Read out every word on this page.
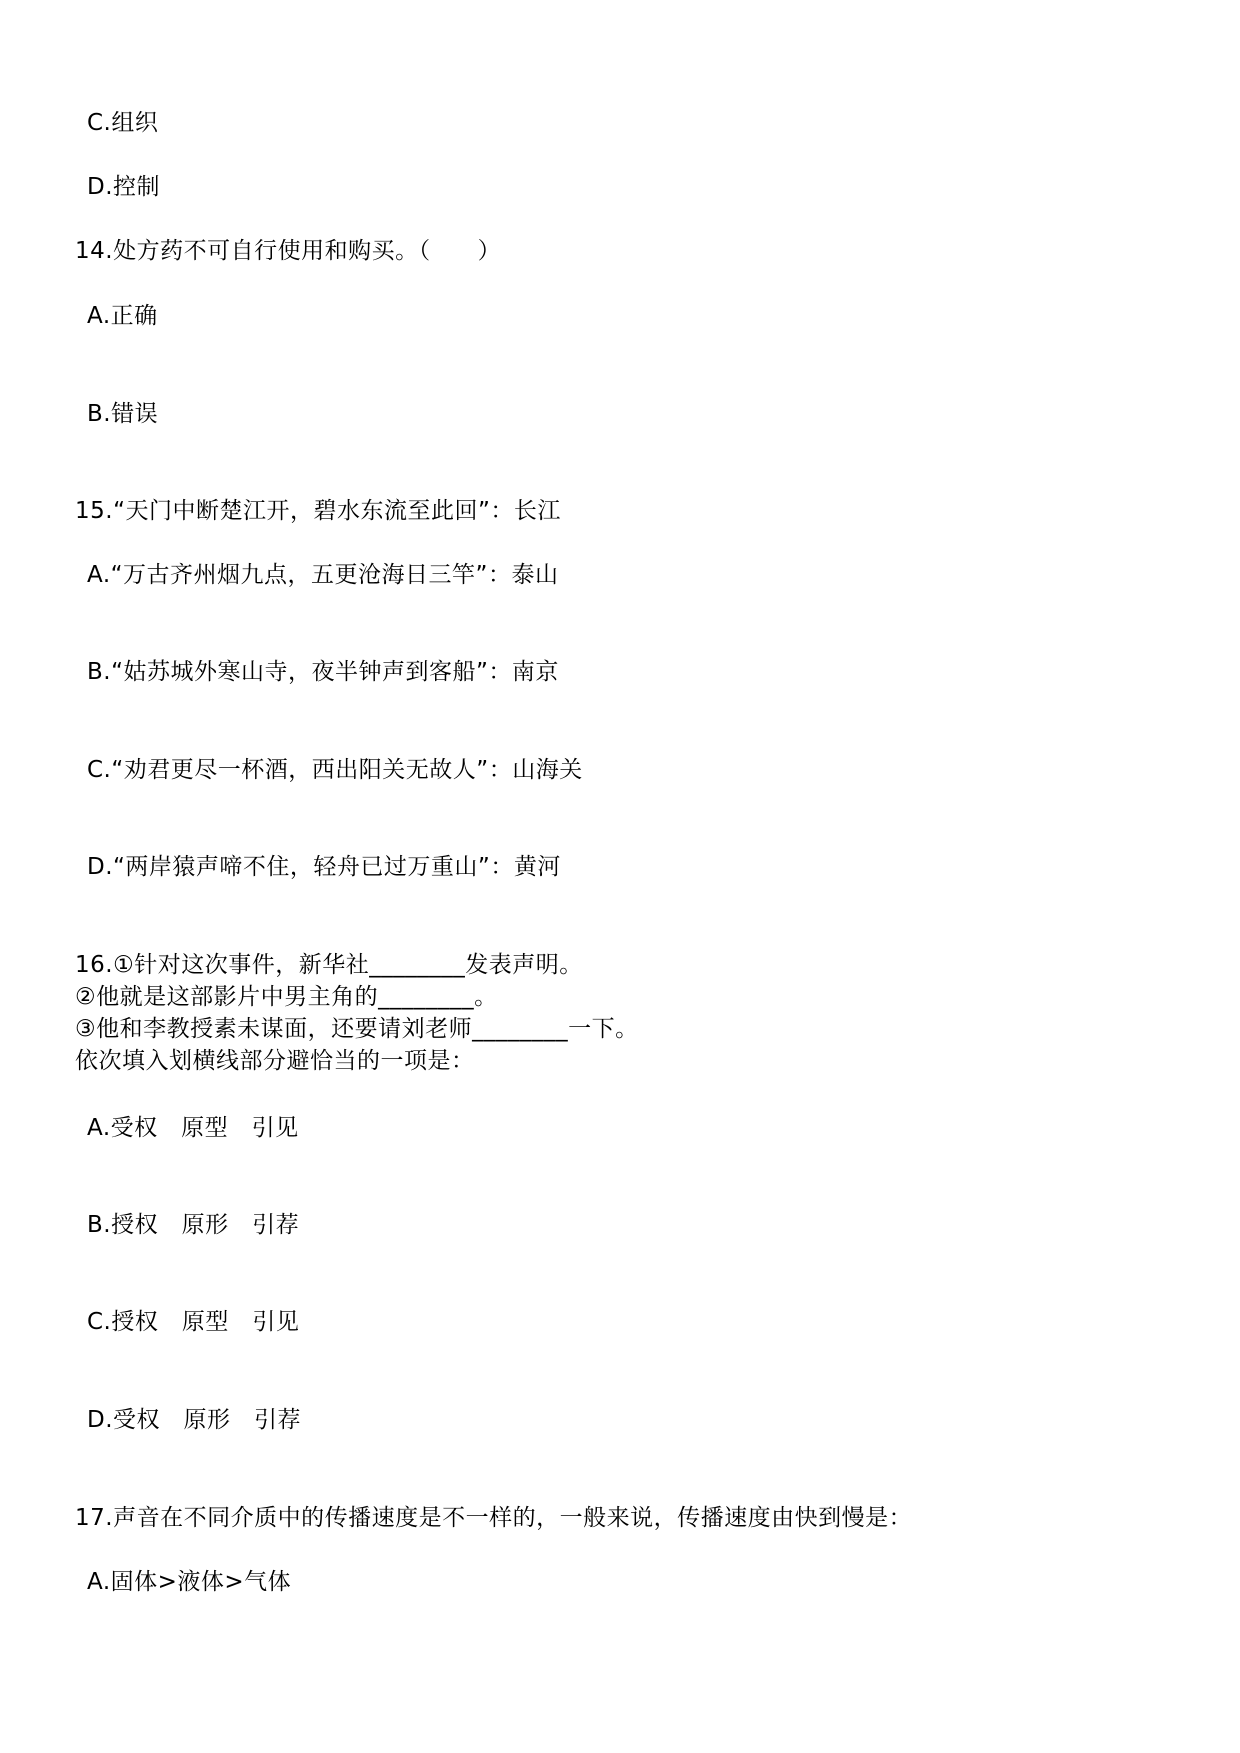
C.组织
D.控制
14.处方药不可自行使用和购买。（　　）
A.正确
B.错误
15.“天门中断楚江开，碧水东流至此回”：长江
A.“万古齐州烟九点，五更沧海日三竿”：泰山
B.“姑苏城外寒山寺，夜半钟声到客船”：南京
C.“劝君更尽一杯酒，西出阳关无故人”：山海关
D.“两岸猿声啼不住，轻舟已过万重山”：黄河
16.①针对这次事件，新华社________发表声明。
②他就是这部影片中男主角的________。
③他和李教授素未谋面，还要请刘老师________一下。
依次填入划横线部分避恰当的一项是：
A.受权　原型　引见
B.授权　原形　引荐
C.授权　原型　引见
D.受权　原形　引荐
17.声音在不同介质中的传播速度是不一样的，一般来说，传播速度由快到慢是：
A.固体>液体>气体
